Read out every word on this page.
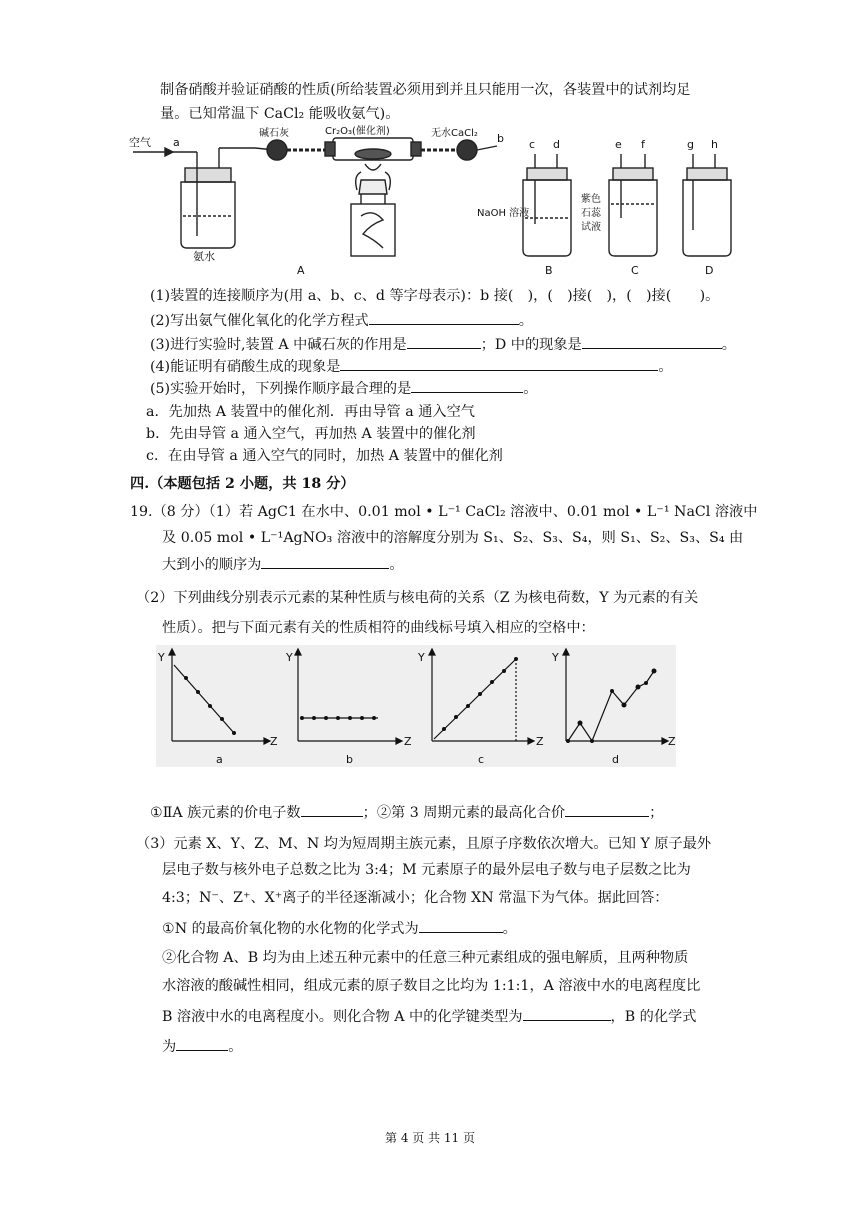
制备硝酸并验证硝酸的性质(所给装置必须用到并且只能用一次，各装置中的试剂均足
量。已知常温下 CaCl₂ 能吸收氨气)。
空气 a	b c d	e f	g h
碱石灰	Cr₂O₃(催化剂)	无水CaCl₂
氨水
NaOH 溶液
紫色
石蕊
试液
A	B	C	D
(1)装置的连接顺序为(用 a、b、c、d 等字母表示)：b 接(　)，(　)接(　)，(　)接(　　)。
(2)写出氨气催化氧化的化学方程式	。
(3)进行实验时,装置 A 中碱石灰的作用是	；D 中的现象是	。
(4)能证明有硝酸生成的现象是	。
(5)实验开始时，下列操作顺序最合理的是	。
a．先加热 A 装置中的催化剂．再由导管 a 通入空气
b．先由导管 a 通入空气，再加热 A 装置中的催化剂
c．在由导管 a 通入空气的同时，加热 A 装置中的催化剂
四.（本题包括 2 小题，共 18 分）
19.（8 分）（1）若 AgC1 在水中、0.01 mol • L⁻¹ CaCl₂ 溶液中、0.01 mol • L⁻¹ NaCl 溶液中
及 0.05 mol • L⁻¹AgNO₃ 溶液中的溶解度分别为 S₁、S₂、S₃、S₄，则 S₁、S₂、S₃、S₄ 由
大到小的顺序为	。
（2）下列曲线分别表示元素的某种性质与核电荷的关系（Z 为核电荷数，Y 为元素的有关
性质）。把与下面元素有关的性质相符的曲线标号填入相应的空格中：
Y
Z
Y
Z
Y
Z
Y
Z
a	b	c	d
①ⅡA 族元素的价电子数	；②第 3 周期元素的最高化合价	；
（3）元素 X、Y、Z、M、N 均为短周期主族元素，且原子序数依次增大。已知 Y 原子最外
层电子数与核外电子总数之比为 3:4；M 元素原子的最外层电子数与电子层数之比为
4:3；N⁻、Z⁺、X⁺离子的半径逐渐减小；化合物 XN 常温下为气体。据此回答：
①N 的最高价氧化物的水化物的化学式为	。
②化合物 A、B 均为由上述五种元素中的任意三种元素组成的强电解质，且两种物质
水溶液的酸碱性相同，组成元素的原子数目之比均为 1:1:1，A 溶液中水的电离程度比
B 溶液中水的电离程度小。则化合物 A 中的化学键类型为	，B 的化学式
为	。
第 4 页 共 11 页
